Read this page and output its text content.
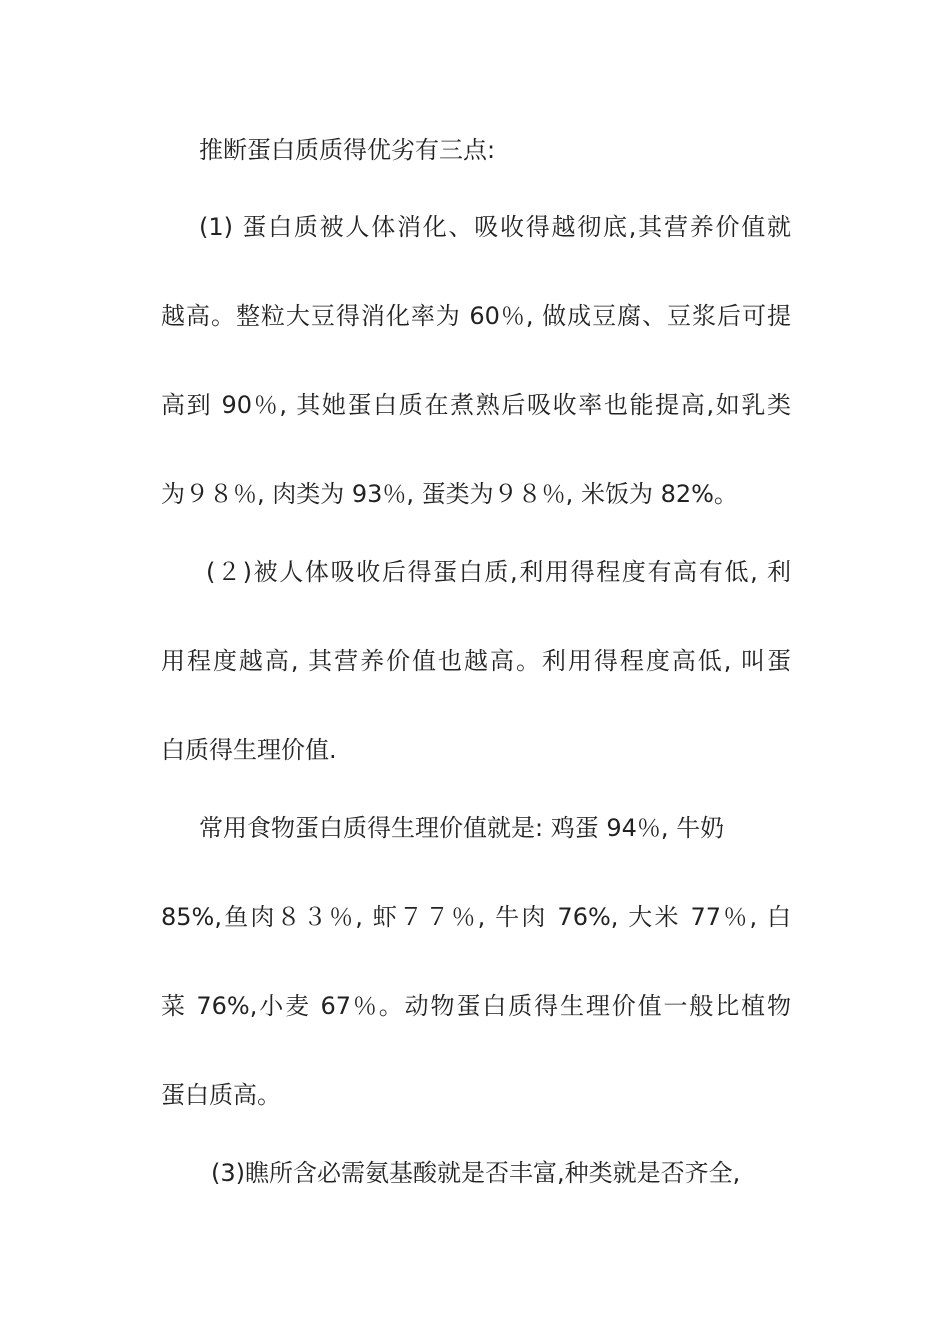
推断蛋白质质得优劣有三点:
(1) 蛋白质被人体消化、吸收得越彻底,其营养价值就
越高。整粒大豆得消化率为 60％, 做成豆腐、豆浆后可提
高到 90％, 其她蛋白质在煮熟后吸收率也能提高,如乳类
为９８％, 肉类为 93％, 蛋类为９８％, 米饭为 82%。
(２)被人体吸收后得蛋白质,利用得程度有高有低, 利
用程度越高, 其营养价值也越高。利用得程度高低, 叫蛋
白质得生理价值.
常用食物蛋白质得生理价值就是: 鸡蛋 94％, 牛奶
85%,鱼肉８３％, 虾７７％, 牛肉 76%, 大米 77％, 白
菜 76%,小麦 67％。动物蛋白质得生理价值一般比植物
蛋白质高。
(3)瞧所含必需氨基酸就是否丰富,种类就是否齐全,
